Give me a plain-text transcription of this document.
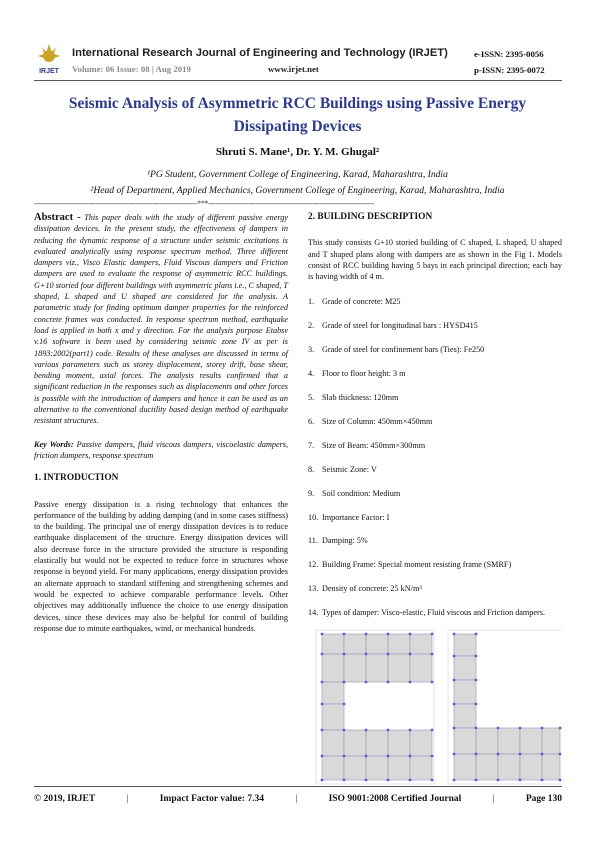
IRJET
International Research Journal of Engineering and Technology (IRJET)
Volume: 06 Issue: 08 | Aug 2019	www.irjet.net
e-ISSN: 2395-0056
p-ISSN: 2395-0072
Seismic Analysis of Asymmetric RCC Buildings using Passive Energy Dissipating Devices
Shruti S. Mane¹, Dr. Y. M. Ghugal²
¹PG Student, Government College of Engineering, Karad, Maharashtra, India
²Head of Department, Applied Mechanics, Government College of Engineering, Karad, Maharashtra, India
---------------------------------------------------------------------***----------------------------------------------------------------------

Abstract - This paper deals with the study of different passive energy dissipation devices. In the present study, the effectiveness of dampers in reducing the dynamic response of a structure under seismic excitations is evaluated analytically using response spectrum method. Three different dampers viz., Visco Elastic dampers, Fluid Viscous dampers and Friction dampers are used to evaluate the response of asymmetric RCC buildings. G+10 storied four different buildings with asymmetric plans i.e., C shaped, T shaped, L shaped and U shaped are considered for the analysis. A parametric study for finding optimum damper properties for the reinforced concrete frames was conducted. In response spectrum method, earthquake load is applied in both x and y direction. For the analysis purpose Etabsv v.16 software is been used by considering seismic zone IV as per is 1893:2002(part1) code. Results of these analyses are discussed in terms of various parameters such as storey displacement, storey drift, base shear, bending moment, axial forces. The analysis results confirmed that a significant reduction in the responses such as displacements and other forces is possible with the introduction of dampers and hence it can be used as an alternative to the conventional ductility based design method of earthquake resistant structures.

Key Words: Passive dampers, fluid viscous dampers, viscoelastic dampers, friction dampers, response spectrum

1. INTRODUCTION

Passive energy dissipation is a rising technology that enhances the performance of the building by adding damping (and in some cases stiffness) to the building. The principal use of energy dissipation devices is to reduce earthquake displacement of the structure. Energy dissipation devices will also decrease force in the structure provided the structure is responding elastically but would not be expected to reduce force in structures whose response is beyond yield. For many applications, energy dissipation provides an alternate approach to standard stiffening and strengthening schemes and would be expected to achieve comparable performance levels. Other objectives may additionally influence the choice to use energy dissipation devices, since these devices may also be helpful for control of building response due to minute earthquakes, wind, or mechanical hundreds.

2. BUILDING DESCRIPTION

This study consists G+10 storied building of C shaped, L shaped, U shaped and T shaped plans along with dampers are as shown in the Fig 1. Models consist of RCC building having 5 bays in each principal direction; each bay is having width of 4 m.

1. Grade of concrete: M25
2. Grade of steel for longitudinal bars : HYSD415
3. Grade of steel for confinement bars (Ties): Fe250
4. Floor to floor height: 3 m
5. Slab thickness: 120mm
6. Size of Column: 450mm×450mm
7. Size of Beam: 450mm×300mm
8. Seismic Zone: V
9. Soil condition: Medium
10. Importance Factor: I
11. Damping: 5%
12. Building Frame: Special moment resisting frame (SMRF)
13. Density of concrete: 25 kN/m³
14. Types of damper: Visco-elastic, Fluid viscous and Friction dampers.
© 2019, IRJET	|	Impact Factor value: 7.34	|	ISO 9001:2008 Certified Journal	|	Page 130
